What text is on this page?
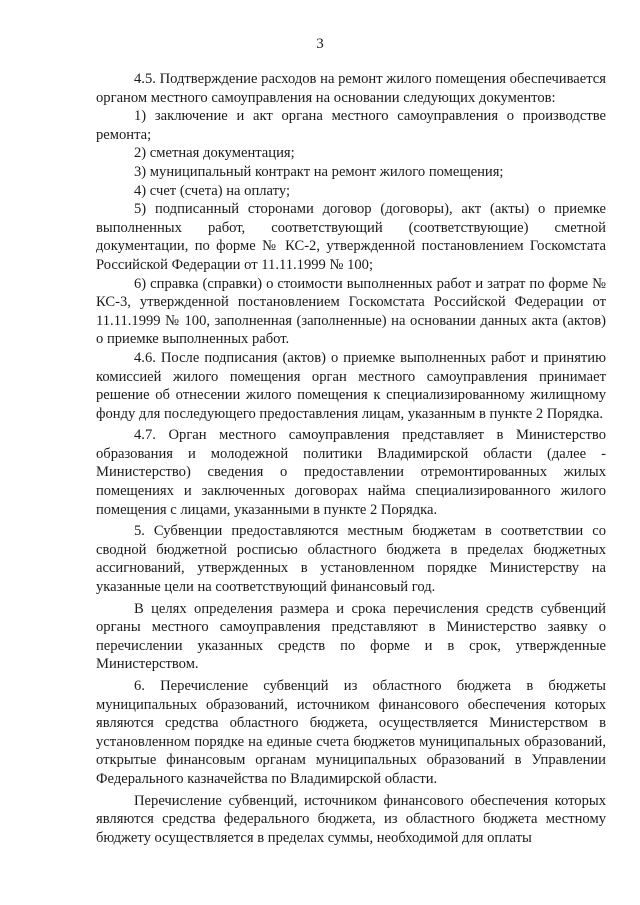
3

4.5. Подтверждение расходов на ремонт жилого помещения обеспечивается органом местного самоуправления на основании следующих документов:

1) заключение и акт органа местного самоуправления о производстве ремонта;

2) сметная документация;

3) муниципальный контракт на ремонт жилого помещения;

4) счет (счета) на оплату;

5) подписанный сторонами договор (договоры), акт (акты) о приемке выполненных работ, соответствующий (соответствующие) сметной документации, по форме № КС-2, утвержденной постановлением Госкомстата Российской Федерации от 11.11.1999 № 100;

6) справка (справки) о стоимости выполненных работ и затрат по форме № КС-3, утвержденной постановлением Госкомстата Российской Федерации от 11.11.1999 № 100, заполненная (заполненные) на основании данных акта (актов) о приемке выполненных работ.

4.6. После подписания (актов) о приемке выполненных работ и принятию комиссией жилого помещения орган местного самоуправления принимает решение об отнесении жилого помещения к специализированному жилищному фонду для последующего предоставления лицам, указанным в пункте 2 Порядка.

4.7. Орган местного самоуправления представляет в Министерство образования и молодежной политики Владимирской области (далее - Министерство) сведения о предоставлении отремонтированных жилых помещениях и заключенных договорах найма специализированного жилого помещения с лицами, указанными в пункте 2 Порядка.

5. Субвенции предоставляются местным бюджетам в соответствии со сводной бюджетной росписью областного бюджета в пределах бюджетных ассигнований, утвержденных в установленном порядке Министерству на указанные цели на соответствующий финансовый год.

В целях определения размера и срока перечисления средств субвенций органы местного самоуправления представляют в Министерство заявку о перечислении указанных средств по форме и в срок, утвержденные Министерством.

6. Перечисление субвенций из областного бюджета в бюджеты муниципальных образований, источником финансового обеспечения которых являются средства областного бюджета, осуществляется Министерством в установленном порядке на единые счета бюджетов муниципальных образований, открытые финансовым органам муниципальных образований в Управлении Федерального казначейства по Владимирской области.

Перечисление субвенций, источником финансового обеспечения которых являются средства федерального бюджета, из областного бюджета местному бюджету осуществляется в пределах суммы, необходимой для оплаты
